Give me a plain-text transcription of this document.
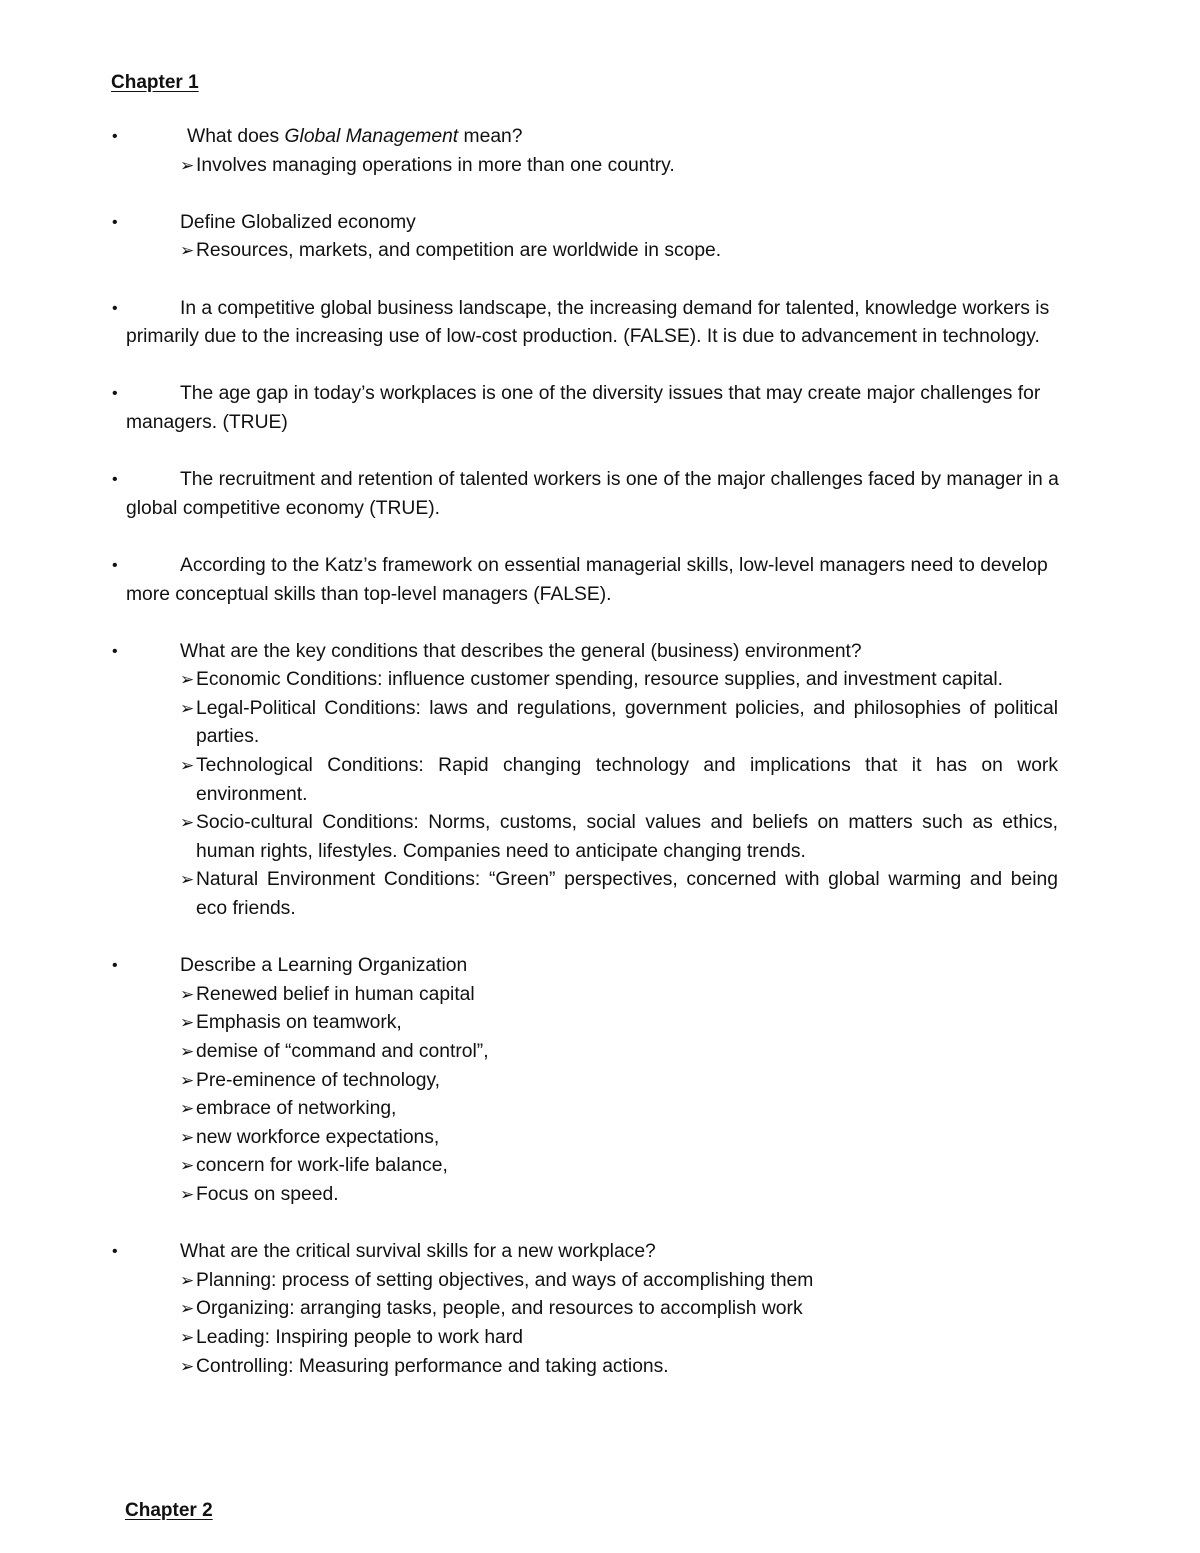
Chapter 1
•	What does Global Management mean?

➢Involves managing operations in more than one country.
•	Define Globalized economy

➢Resources, markets, and competition are worldwide in scope.
•	In a competitive global business landscape, the increasing demand for talented, knowledge workers is primarily due to the increasing use of low-cost production. (FALSE). It is due to advancement in technology.

•	The age gap in today’s workplaces is one of the diversity issues that may create major challenges for managers. (TRUE)

•	The recruitment and retention of talented workers is one of the major challenges faced by manager in a global competitive economy (TRUE).

•	According to the Katz’s framework on essential managerial skills, low-level managers need to develop more conceptual skills than top-level managers (FALSE).

•	What are the key conditions that describes the general (business) environment?

➢Economic Conditions: influence customer spending, resource supplies, and investment capital.
➢Legal-Political Conditions: laws and regulations, government policies, and philosophies of political parties.
➢Technological Conditions: Rapid changing technology and implications that it has on work environment.
➢Socio-cultural Conditions: Norms, customs, social values and beliefs on matters such as ethics, human rights, lifestyles. Companies need to anticipate changing trends.
➢Natural Environment Conditions: “Green” perspectives, concerned with global warming and being eco friends.
•	Describe a Learning Organization

➢Renewed belief in human capital
➢Emphasis on teamwork,
➢demise of “command and control”,
➢Pre-eminence of technology,
➢embrace of networking,
➢new workforce expectations,
➢concern for work-life balance,
➢Focus on speed.
•	What are the critical survival skills for a new workplace?

➢Planning: process of setting objectives, and ways of accomplishing them
➢Organizing: arranging tasks, people, and resources to accomplish work
➢Leading: Inspiring people to work hard
➢Controlling: Measuring performance and taking actions.
Chapter 2
